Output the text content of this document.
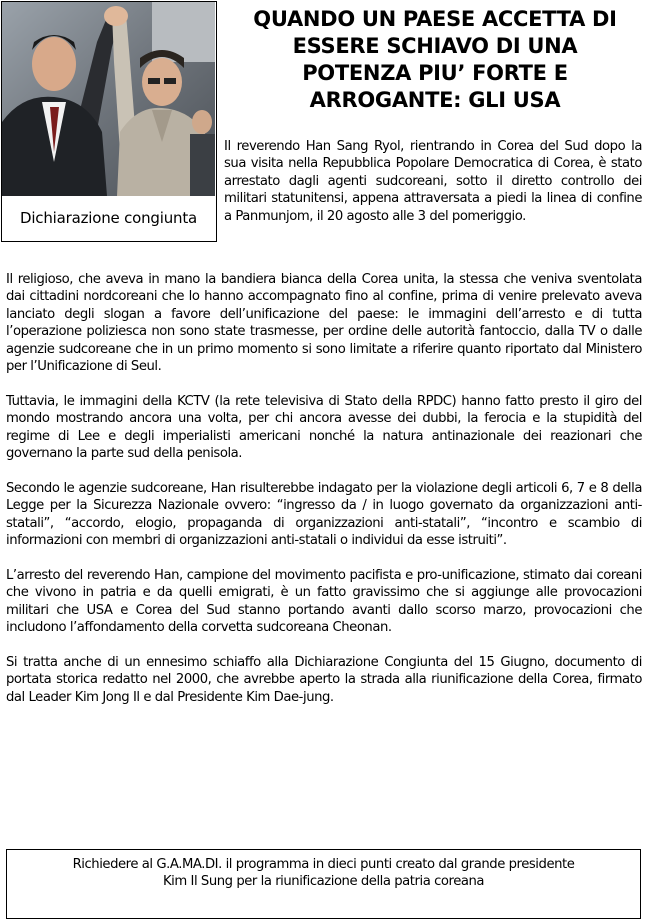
Dichiarazione congiunta
QUANDO UN PAESE ACCETTA DI
ESSERE SCHIAVO DI UNA
POTENZA PIU’ FORTE E
ARROGANTE: GLI USA
Il reverendo Han Sang Ryol, rientrando in Corea del Sud dopo la sua visita nella Repubblica Popolare Democratica di Corea, è stato arrestato dagli agenti sudcoreani, sotto il diretto controllo dei militari statunitensi, appena attraversata a piedi la linea di confine a Panmunjom, il 20 agosto alle 3 del pomeriggio.

Il religioso, che aveva in mano la bandiera bianca della Corea unita, la stessa che veniva sventolata dai cittadini nordcoreani che lo hanno accompagnato fino al confine, prima di venire prelevato aveva lanciato degli slogan a favore dell’unificazione del paese: le immagini dell’arresto e di tutta l’operazione poliziesca non sono state trasmesse, per ordine delle autorità fantoccio, dalla TV o dalle agenzie sudcoreane che in un primo momento si sono limitate a riferire quanto riportato dal Ministero per l’Unificazione di Seul.

Tuttavia, le immagini della KCTV (la rete televisiva di Stato della RPDC) hanno fatto presto il giro del mondo mostrando ancora una volta, per chi ancora avesse dei dubbi, la ferocia e la stupidità del regime di Lee e degli imperialisti americani nonché la natura antinazionale dei reazionari che governano la parte sud della penisola.

Secondo le agenzie sudcoreane, Han risulterebbe indagato per la violazione degli articoli 6, 7 e 8 della Legge per la Sicurezza Nazionale ovvero: “ingresso da / in luogo governato da organizzazioni anti-statali”, “accordo, elogio, propaganda di organizzazioni anti-statali”, “incontro e scambio di informazioni con membri di organizzazioni anti-statali o individui da esse istruiti”.

L’arresto del reverendo Han, campione del movimento pacifista e pro-unificazione, stimato dai coreani che vivono in patria e da quelli emigrati, è un fatto gravissimo che si aggiunge alle provocazioni militari che USA e Corea del Sud stanno portando avanti dallo scorso marzo, provocazioni che includono l’affondamento della corvetta sudcoreana Cheonan.

Si tratta anche di un ennesimo schiaffo alla Dichiarazione Congiunta del 15 Giugno, documento di portata storica redatto nel 2000, che avrebbe aperto la strada alla riunificazione della Corea, firmato dal Leader Kim Jong Il e dal Presidente Kim Dae-jung.

Richiedere al G.A.MA.DI. il programma in dieci punti creato dal grande presidente
Kim Il Sung per la riunificazione della patria coreana
